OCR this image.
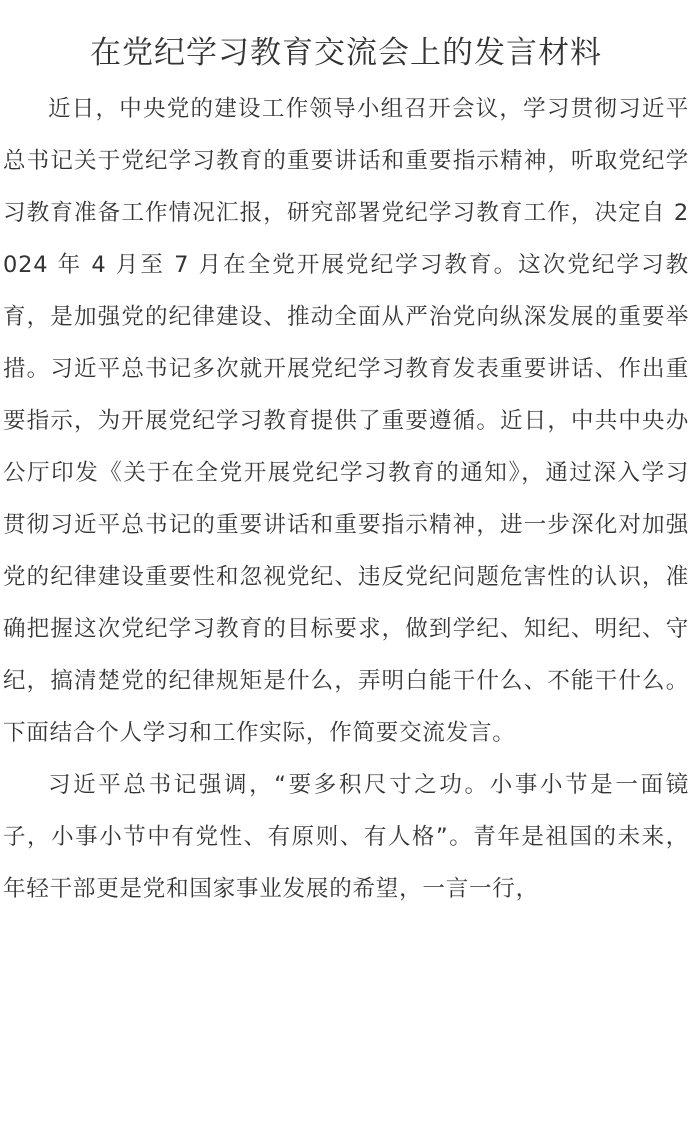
在党纪学习教育交流会上的发言材料

近日，中央党的建设工作领导小组召开会议，学习贯彻习近平总书记关于党纪学习教育的重要讲话和重要指示精神，听取党纪学习教育准备工作情况汇报，研究部署党纪学习教育工作，决定自 2024 年 4 月至 7 月在全党开展党纪学习教育。这次党纪学习教育，是加强党的纪律建设、推动全面从严治党向纵深发展的重要举措。习近平总书记多次就开展党纪学习教育发表重要讲话、作出重要指示，为开展党纪学习教育提供了重要遵循。近日，中共中央办公厅印发《关于在全党开展党纪学习教育的通知》，通过深入学习贯彻习近平总书记的重要讲话和重要指示精神，进一步深化对加强党的纪律建设重要性和忽视党纪、违反党纪问题危害性的认识，准确把握这次党纪学习教育的目标要求，做到学纪、知纪、明纪、守纪，搞清楚党的纪律规矩是什么，弄明白能干什么、不能干什么。下面结合个人学习和工作实际，作简要交流发言。

习近平总书记强调，“要多积尺寸之功。小事小节是一面镜子，小事小节中有党性、有原则、有人格”。青年是祖国的未来，年轻干部更是党和国家事业发展的希望，一言一行，
